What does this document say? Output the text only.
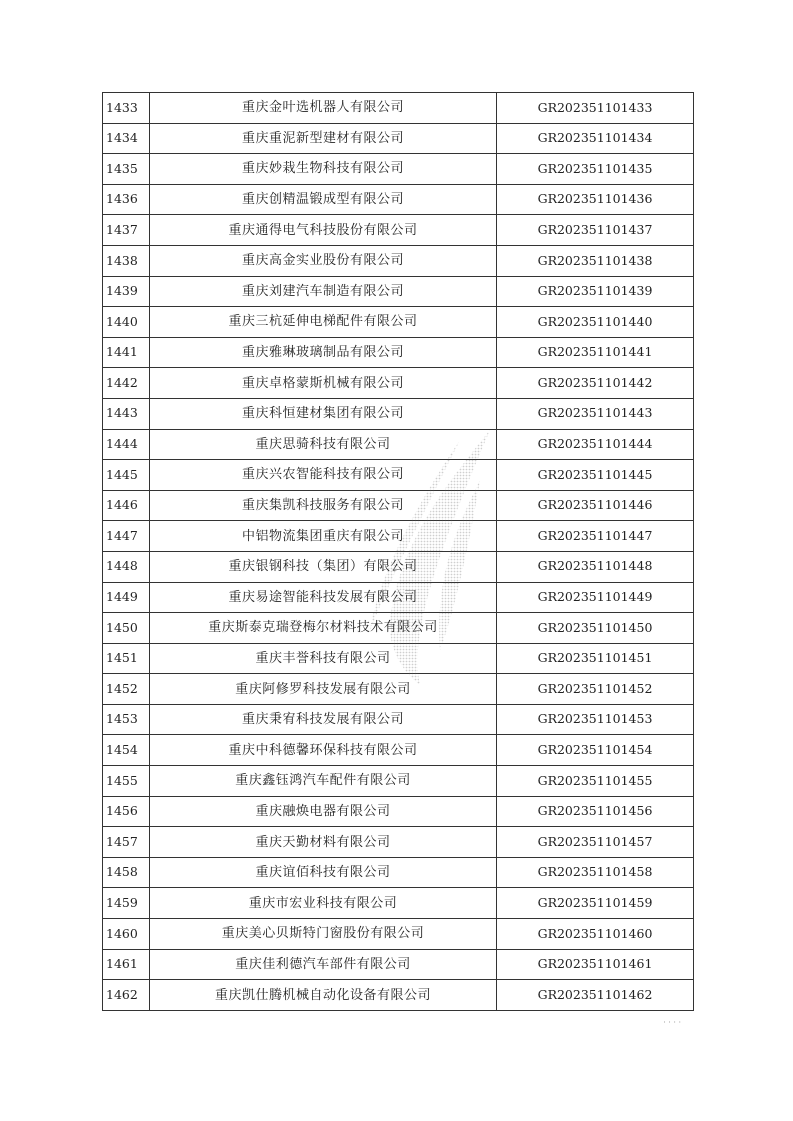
1433	重庆金叶选机器人有限公司	GR202351101433
1434	重庆重泥新型建材有限公司	GR202351101434
1435	重庆妙栽生物科技有限公司	GR202351101435
1436	重庆创精温锻成型有限公司	GR202351101436
1437	重庆通得电气科技股份有限公司	GR202351101437
1438	重庆高金实业股份有限公司	GR202351101438
1439	重庆刘建汽车制造有限公司	GR202351101439
1440	重庆三杭延伸电梯配件有限公司	GR202351101440
1441	重庆雅琳玻璃制品有限公司	GR202351101441
1442	重庆卓格蒙斯机械有限公司	GR202351101442
1443	重庆科恒建材集团有限公司	GR202351101443
1444	重庆思骑科技有限公司	GR202351101444
1445	重庆兴农智能科技有限公司	GR202351101445
1446	重庆集凯科技服务有限公司	GR202351101446
1447	中铝物流集团重庆有限公司	GR202351101447
1448	重庆银钢科技（集团）有限公司	GR202351101448
1449	重庆易途智能科技发展有限公司	GR202351101449
1450	重庆斯泰克瑞登梅尔材料技术有限公司	GR202351101450
1451	重庆丰誉科技有限公司	GR202351101451
1452	重庆阿修罗科技发展有限公司	GR202351101452
1453	重庆秉宥科技发展有限公司	GR202351101453
1454	重庆中科德馨环保科技有限公司	GR202351101454
1455	重庆鑫钰鸿汽车配件有限公司	GR202351101455
1456	重庆融焕电器有限公司	GR202351101456
1457	重庆天勤材料有限公司	GR202351101457
1458	重庆谊佰科技有限公司	GR202351101458
1459	重庆市宏业科技有限公司	GR202351101459
1460	重庆美心贝斯特门窗股份有限公司	GR202351101460
1461	重庆佳利德汽车部件有限公司	GR202351101461
1462	重庆凯仕腾机械自动化设备有限公司	GR202351101462
· · · ·
